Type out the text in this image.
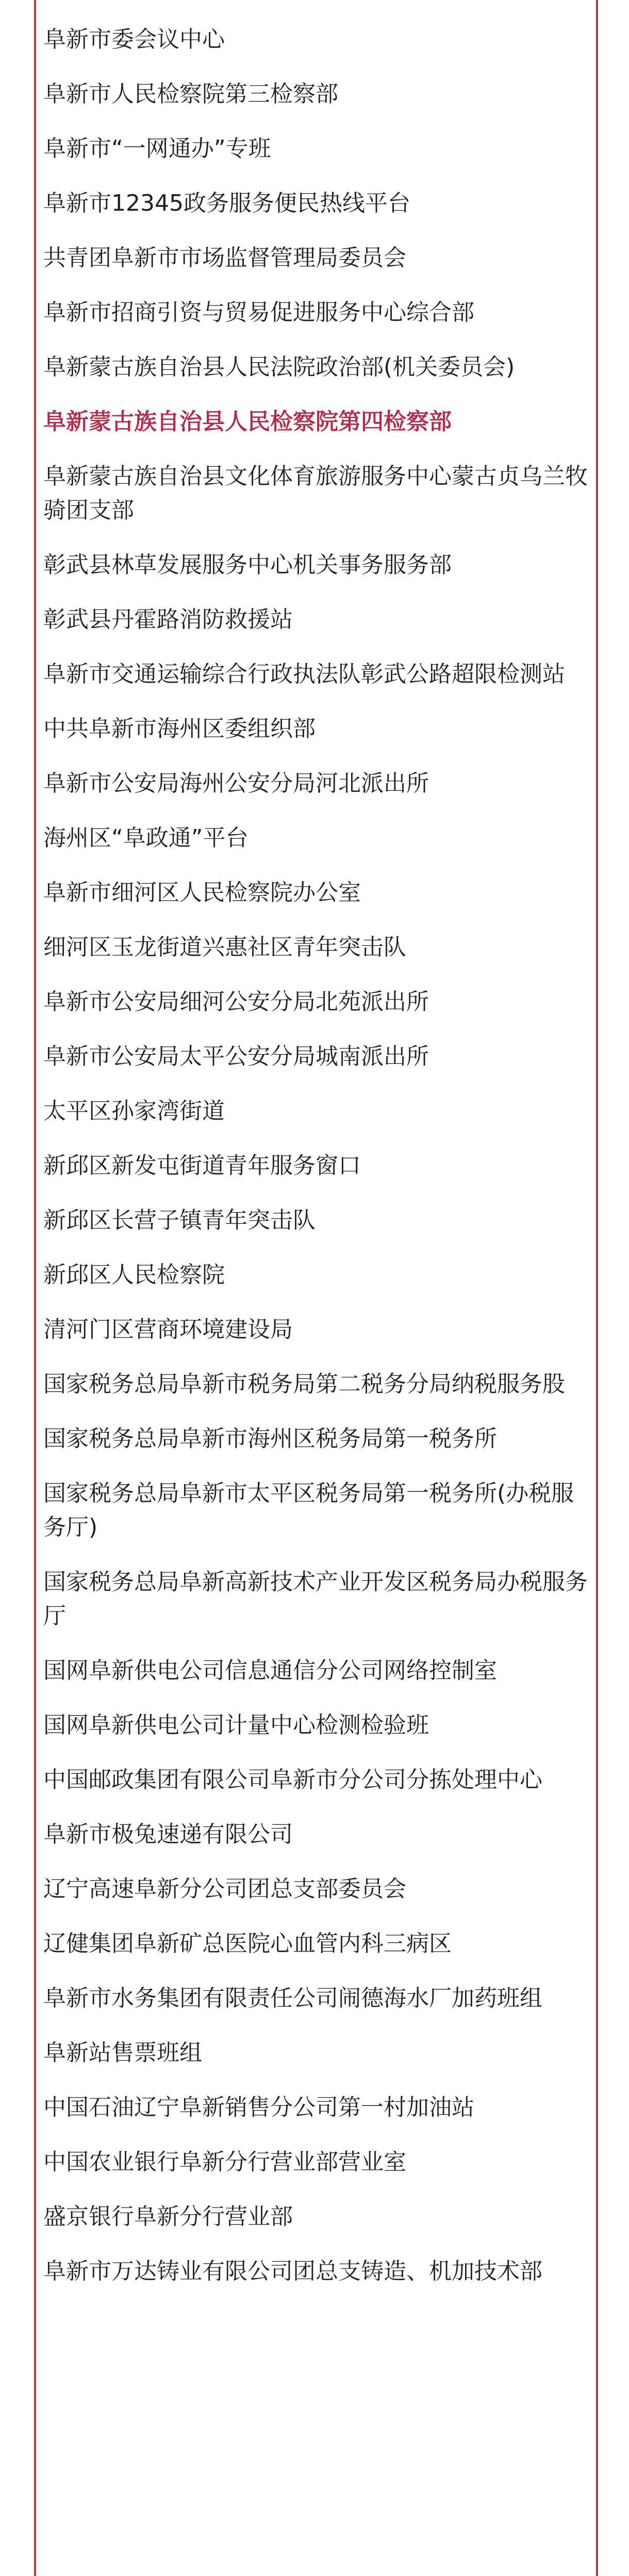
阜新市委会议中心
阜新市人民检察院第三检察部
阜新市“一网通办”专班
阜新市12345政务服务便民热线平台
共青团阜新市市场监督管理局委员会
阜新市招商引资与贸易促进服务中心综合部
阜新蒙古族自治县人民法院政治部(机关委员会)
阜新蒙古族自治县人民检察院第四检察部
阜新蒙古族自治县文化体育旅游服务中心蒙古贞乌兰牧骑团支部
彰武县林草发展服务中心机关事务服务部
彰武县丹霍路消防救援站
阜新市交通运输综合行政执法队彰武公路超限检测站
中共阜新市海州区委组织部
阜新市公安局海州公安分局河北派出所
海州区“阜政通”平台
阜新市细河区人民检察院办公室
细河区玉龙街道兴惠社区青年突击队
阜新市公安局细河公安分局北苑派出所
阜新市公安局太平公安分局城南派出所
太平区孙家湾街道
新邱区新发屯街道青年服务窗口
新邱区长营子镇青年突击队
新邱区人民检察院
清河门区营商环境建设局
国家税务总局阜新市税务局第二税务分局纳税服务股
国家税务总局阜新市海州区税务局第一税务所
国家税务总局阜新市太平区税务局第一税务所(办税服务厅)
国家税务总局阜新高新技术产业开发区税务局办税服务厅
国网阜新供电公司信息通信分公司网络控制室
国网阜新供电公司计量中心检测检验班
中国邮政集团有限公司阜新市分公司分拣处理中心
阜新市极兔速递有限公司
辽宁高速阜新分公司团总支部委员会
辽健集团阜新矿总医院心血管内科三病区
阜新市水务集团有限责任公司闹德海水厂加药班组
阜新站售票班组
中国石油辽宁阜新销售分公司第一村加油站
中国农业银行阜新分行营业部营业室
盛京银行阜新分行营业部
阜新市万达铸业有限公司团总支铸造、机加技术部
